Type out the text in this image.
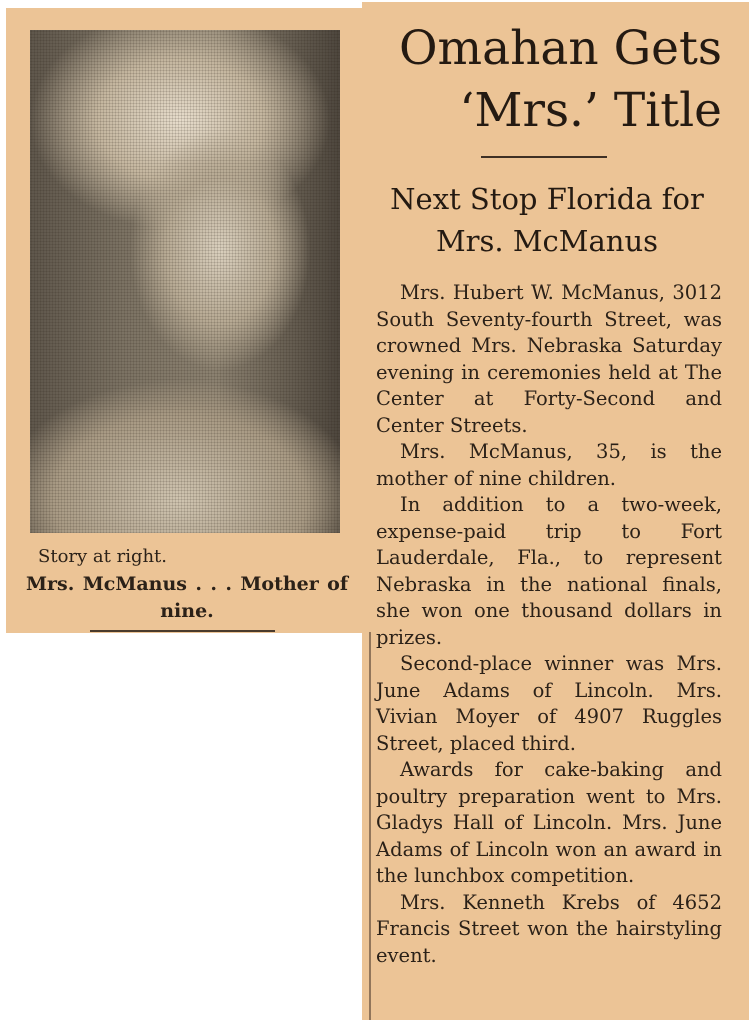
Story at right.
Mrs. McManus . . . Mother of nine.
Omahan Gets
‘Mrs.’ Title
Next Stop Florida for
Mrs. McManus

Mrs. Hubert W. McManus, 3012 South Seventy-fourth Street, was crowned Mrs. Nebraska Saturday evening in ceremonies held at The Center at Forty-Second and Center Streets.

Mrs. McManus, 35, is the mother of nine children.

In addition to a two-week, expense-paid trip to Fort Lauderdale, Fla., to represent Nebraska in the national finals, she won one thousand dollars in prizes.

Second-place winner was Mrs. June Adams of Lincoln. Mrs. Vivian Moyer of 4907 Ruggles Street, placed third.

Awards for cake-baking and poultry preparation went to Mrs. Gladys Hall of Lincoln. Mrs. June Adams of Lincoln won an award in the lunchbox competition.

Mrs. Kenneth Krebs of 4652 Francis Street won the hairstyling event.
